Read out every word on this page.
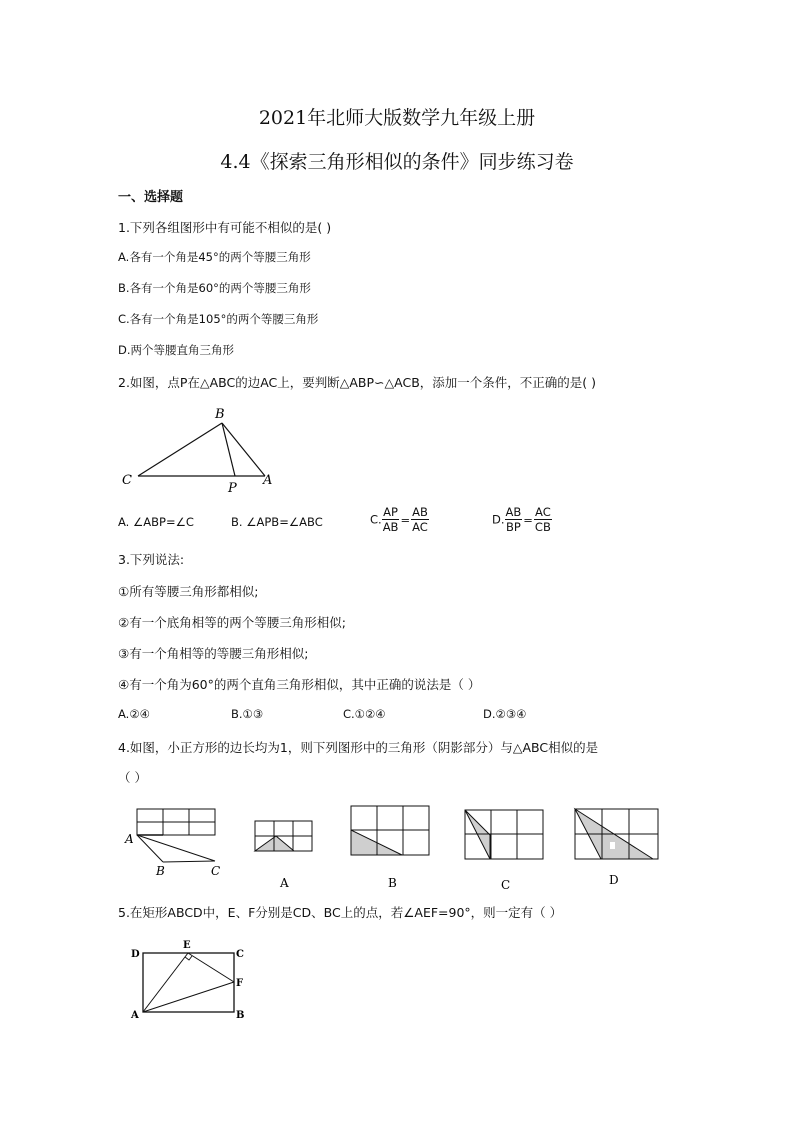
2021年北师大版数学九年级上册
4.4《探索三角形相似的条件》同步练习卷
一、选择题
1.下列各组图形中有可能不相似的是( )
A.各有一个角是45°的两个等腰三角形
B.各有一个角是60°的两个等腰三角形
C.各有一个角是105°的两个等腰三角形
D.两个等腰直角三角形
2.如图，点P在△ABC的边AC上，要判断△ABP∽△ACB，添加一个条件，不正确的是( )
B
C
P
A
A. ∠ABP=∠C	B. ∠APB=∠ABC	C. $\frac{AP}{AB} = \frac{AB}{AC}$	D. $\frac{AB}{BP} = \frac{AC}{CB}$
3.下列说法:
①所有等腰三角形都相似;
②有一个底角相等的两个等腰三角形相似;
③有一个角相等的等腰三角形相似;
④有一个角为60°的两个直角三角形相似，其中正确的说法是（ ）
A.②④	B.①③	C.①②④	D.②③④
4.如图，小正方形的边长均为1，则下列图形中的三角形（阴影部分）与△ABC相似的是
（ ）
A
B	C
A	B	C	D
5.在矩形ABCD中，E、F分别是CD、BC上的点，若∠AEF=90°，则一定有（ ）
D
E
C
F
A	B
